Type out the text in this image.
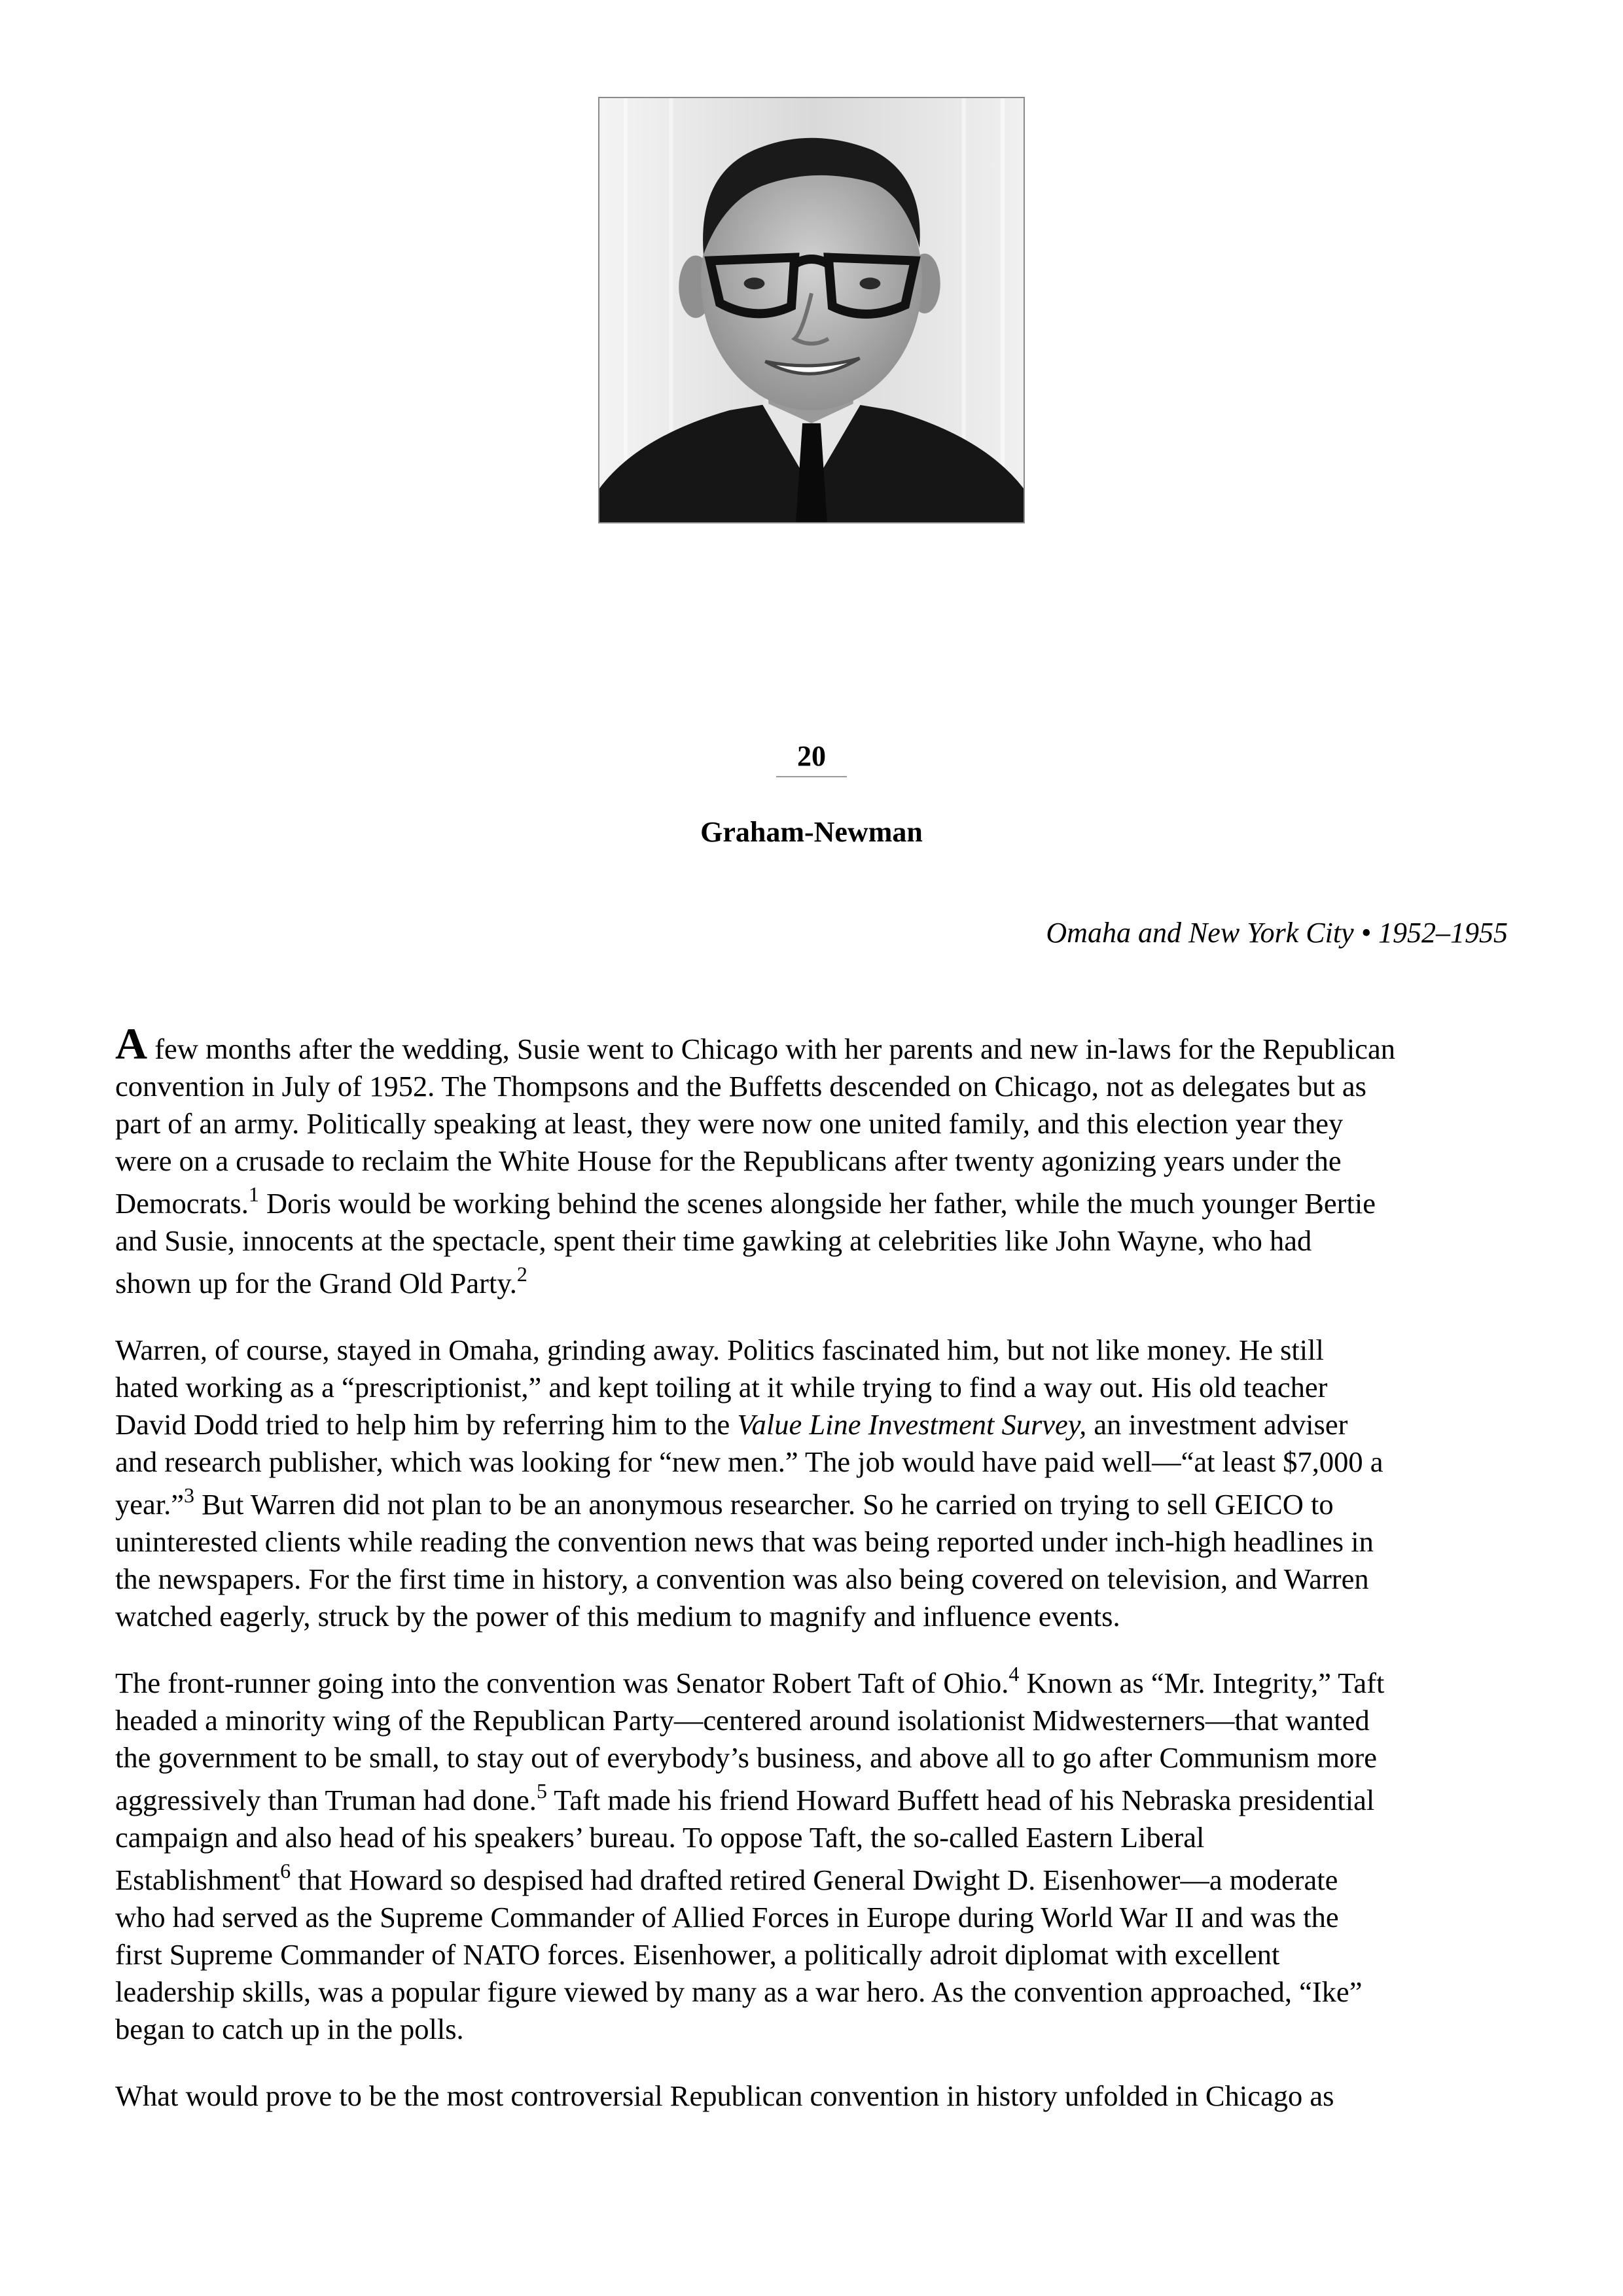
20
Graham-Newman
Omaha and New York City • 1952–1955

A few months after the wedding, Susie went to Chicago with her parents and new in-laws for the Republican
convention in July of 1952. The Thompsons and the Buffetts descended on Chicago, not as delegates but as
part of an army. Politically speaking at least, they were now one united family, and this election year they
were on a crusade to reclaim the White House for the Republicans after twenty agonizing years under the
Democrats.$^1$ Doris would be working behind the scenes alongside her father, while the much younger Bertie
and Susie, innocents at the spectacle, spent their time gawking at celebrities like John Wayne, who had
shown up for the Grand Old Party.$^2$

Warren, of course, stayed in Omaha, grinding away. Politics fascinated him, but not like money. He still
hated working as a “prescriptionist,” and kept toiling at it while trying to find a way out. His old teacher
David Dodd tried to help him by referring him to the Value Line Investment Survey, an investment adviser
and research publisher, which was looking for “new men.” The job would have paid well—“at least $7,000 a
year.”$^3$ But Warren did not plan to be an anonymous researcher. So he carried on trying to sell GEICO to
uninterested clients while reading the convention news that was being reported under inch-high headlines in
the newspapers. For the first time in history, a convention was also being covered on television, and Warren
watched eagerly, struck by the power of this medium to magnify and influence events.

The front-runner going into the convention was Senator Robert Taft of Ohio.$^4$ Known as “Mr. Integrity,” Taft
headed a minority wing of the Republican Party—centered around isolationist Midwesterners—that wanted
the government to be small, to stay out of everybody’s business, and above all to go after Communism more
aggressively than Truman had done.$^5$ Taft made his friend Howard Buffett head of his Nebraska presidential
campaign and also head of his speakers’ bureau. To oppose Taft, the so-called Eastern Liberal
Establishment$^6$ that Howard so despised had drafted retired General Dwight D. Eisenhower—a moderate
who had served as the Supreme Commander of Allied Forces in Europe during World War II and was the
first Supreme Commander of NATO forces. Eisenhower, a politically adroit diplomat with excellent
leadership skills, was a popular figure viewed by many as a war hero. As the convention approached, “Ike”
began to catch up in the polls.

What would prove to be the most controversial Republican convention in history unfolded in Chicago as
